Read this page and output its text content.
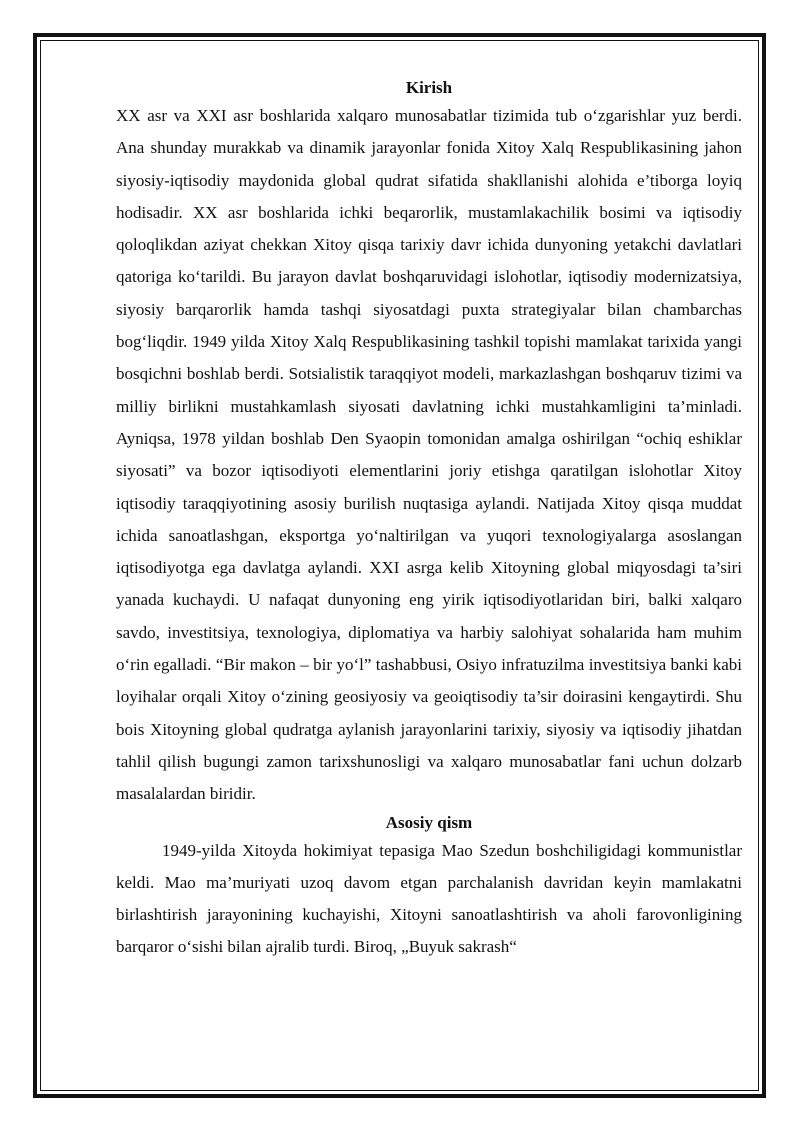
Kirish

XX asr va XXI asr boshlarida xalqaro munosabatlar tizimida tub o‘zgarishlar yuz berdi. Ana shunday murakkab va dinamik jarayonlar fonida Xitoy Xalq Respublikasining jahon siyosiy-iqtisodiy maydonida global qudrat sifatida shakllanishi alohida e’tiborga loyiq hodisadir. XX asr boshlarida ichki beqarorlik, mustamlakachilik bosimi va iqtisodiy qoloqlikdan aziyat chekkan Xitoy qisqa tarixiy davr ichida dunyoning yetakchi davlatlari qatoriga ko‘tarildi. Bu jarayon davlat boshqaruvidagi islohotlar, iqtisodiy modernizatsiya, siyosiy barqarorlik hamda tashqi siyosatdagi puxta strategiyalar bilan chambarchas bog‘liqdir. 1949 yilda Xitoy Xalq Respublikasining tashkil topishi mamlakat tarixida yangi bosqichni boshlab berdi. Sotsialistik taraqqiyot modeli, markazlashgan boshqaruv tizimi va milliy birlikni mustahkamlash siyosati davlatning ichki mustahkamligini ta’minladi. Ayniqsa, 1978 yildan boshlab Den Syaopin tomonidan amalga oshirilgan “ochiq eshiklar siyosati” va bozor iqtisodiyoti elementlarini joriy etishga qaratilgan islohotlar Xitoy iqtisodiy taraqqiyotining asosiy burilish nuqtasiga aylandi. Natijada Xitoy qisqa muddat ichida sanoatlashgan, eksportga yo‘naltirilgan va yuqori texnologiyalarga asoslangan iqtisodiyotga ega davlatga aylandi. XXI asrga kelib Xitoyning global miqyosdagi ta’siri yanada kuchaydi. U nafaqat dunyoning eng yirik iqtisodiyotlaridan biri, balki xalqaro savdo, investitsiya, texnologiya, diplomatiya va harbiy salohiyat sohalarida ham muhim o‘rin egalladi. “Bir makon – bir yo‘l” tashabbusi, Osiyo infratuzilma investitsiya banki kabi loyihalar orqali Xitoy o‘zining geosiyosiy va geoiqtisodiy ta’sir doirasini kengaytirdi. Shu bois Xitoyning global qudratga aylanish jarayonlarini tarixiy, siyosiy va iqtisodiy jihatdan tahlil qilish bugungi zamon tarixshunosligi va xalqaro munosabatlar fani uchun dolzarb masalalardan biridir.

Asosiy qism

1949-yilda Xitoyda hokimiyat tepasiga Mao Szedun boshchiligidagi kommunistlar keldi. Mao ma’muriyati uzoq davom etgan parchalanish davridan keyin mamlakatni birlashtirish jarayonining kuchayishi, Xitoyni sanoatlashtirish va aholi farovonligining barqaror o‘sishi bilan ajralib turdi. Biroq, „Buyuk sakrash“
